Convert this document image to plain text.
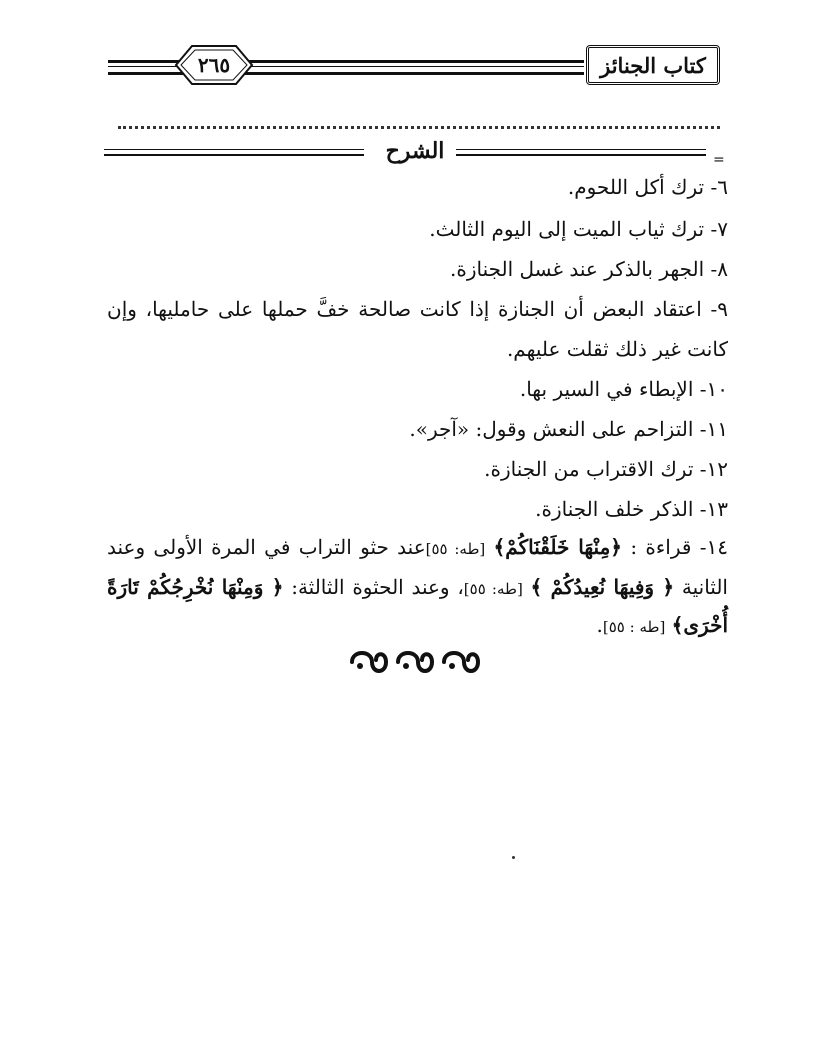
كتاب الجنائز
٢٦٥
الشرح	=
٦- ترك أكل اللحوم.
٧- ترك ثياب الميت إلى اليوم الثالث.
٨- الجهر بالذكر عند غسل الجنازة.
٩- اعتقاد البعض أن الجنازة إذا كانت صالحة خفَّ حملها على حامليها، وإن
كانت غير ذلك ثقلت عليهم.
١٠- الإبطاء في السير بها.
١١- التزاحم على النعش وقول: «آجر».
١٢- ترك الاقتراب من الجنازة.
١٣- الذكر خلف الجنازة.
١٤- قراءة : ﴿مِنْهَا خَلَقْنَاكُمْ﴾ [طه: ٥٥]عند حثو التراب في المرة الأولى وعند
الثانية ﴿ وَفِيهَا نُعِيدُكُمْ ﴾ [طه: ٥٥]، وعند الحثوة الثالثة: ﴿ وَمِنْهَا نُخْرِجُكُمْ تَارَةً
أُخْرَى﴾ [طه : ٥٥].
